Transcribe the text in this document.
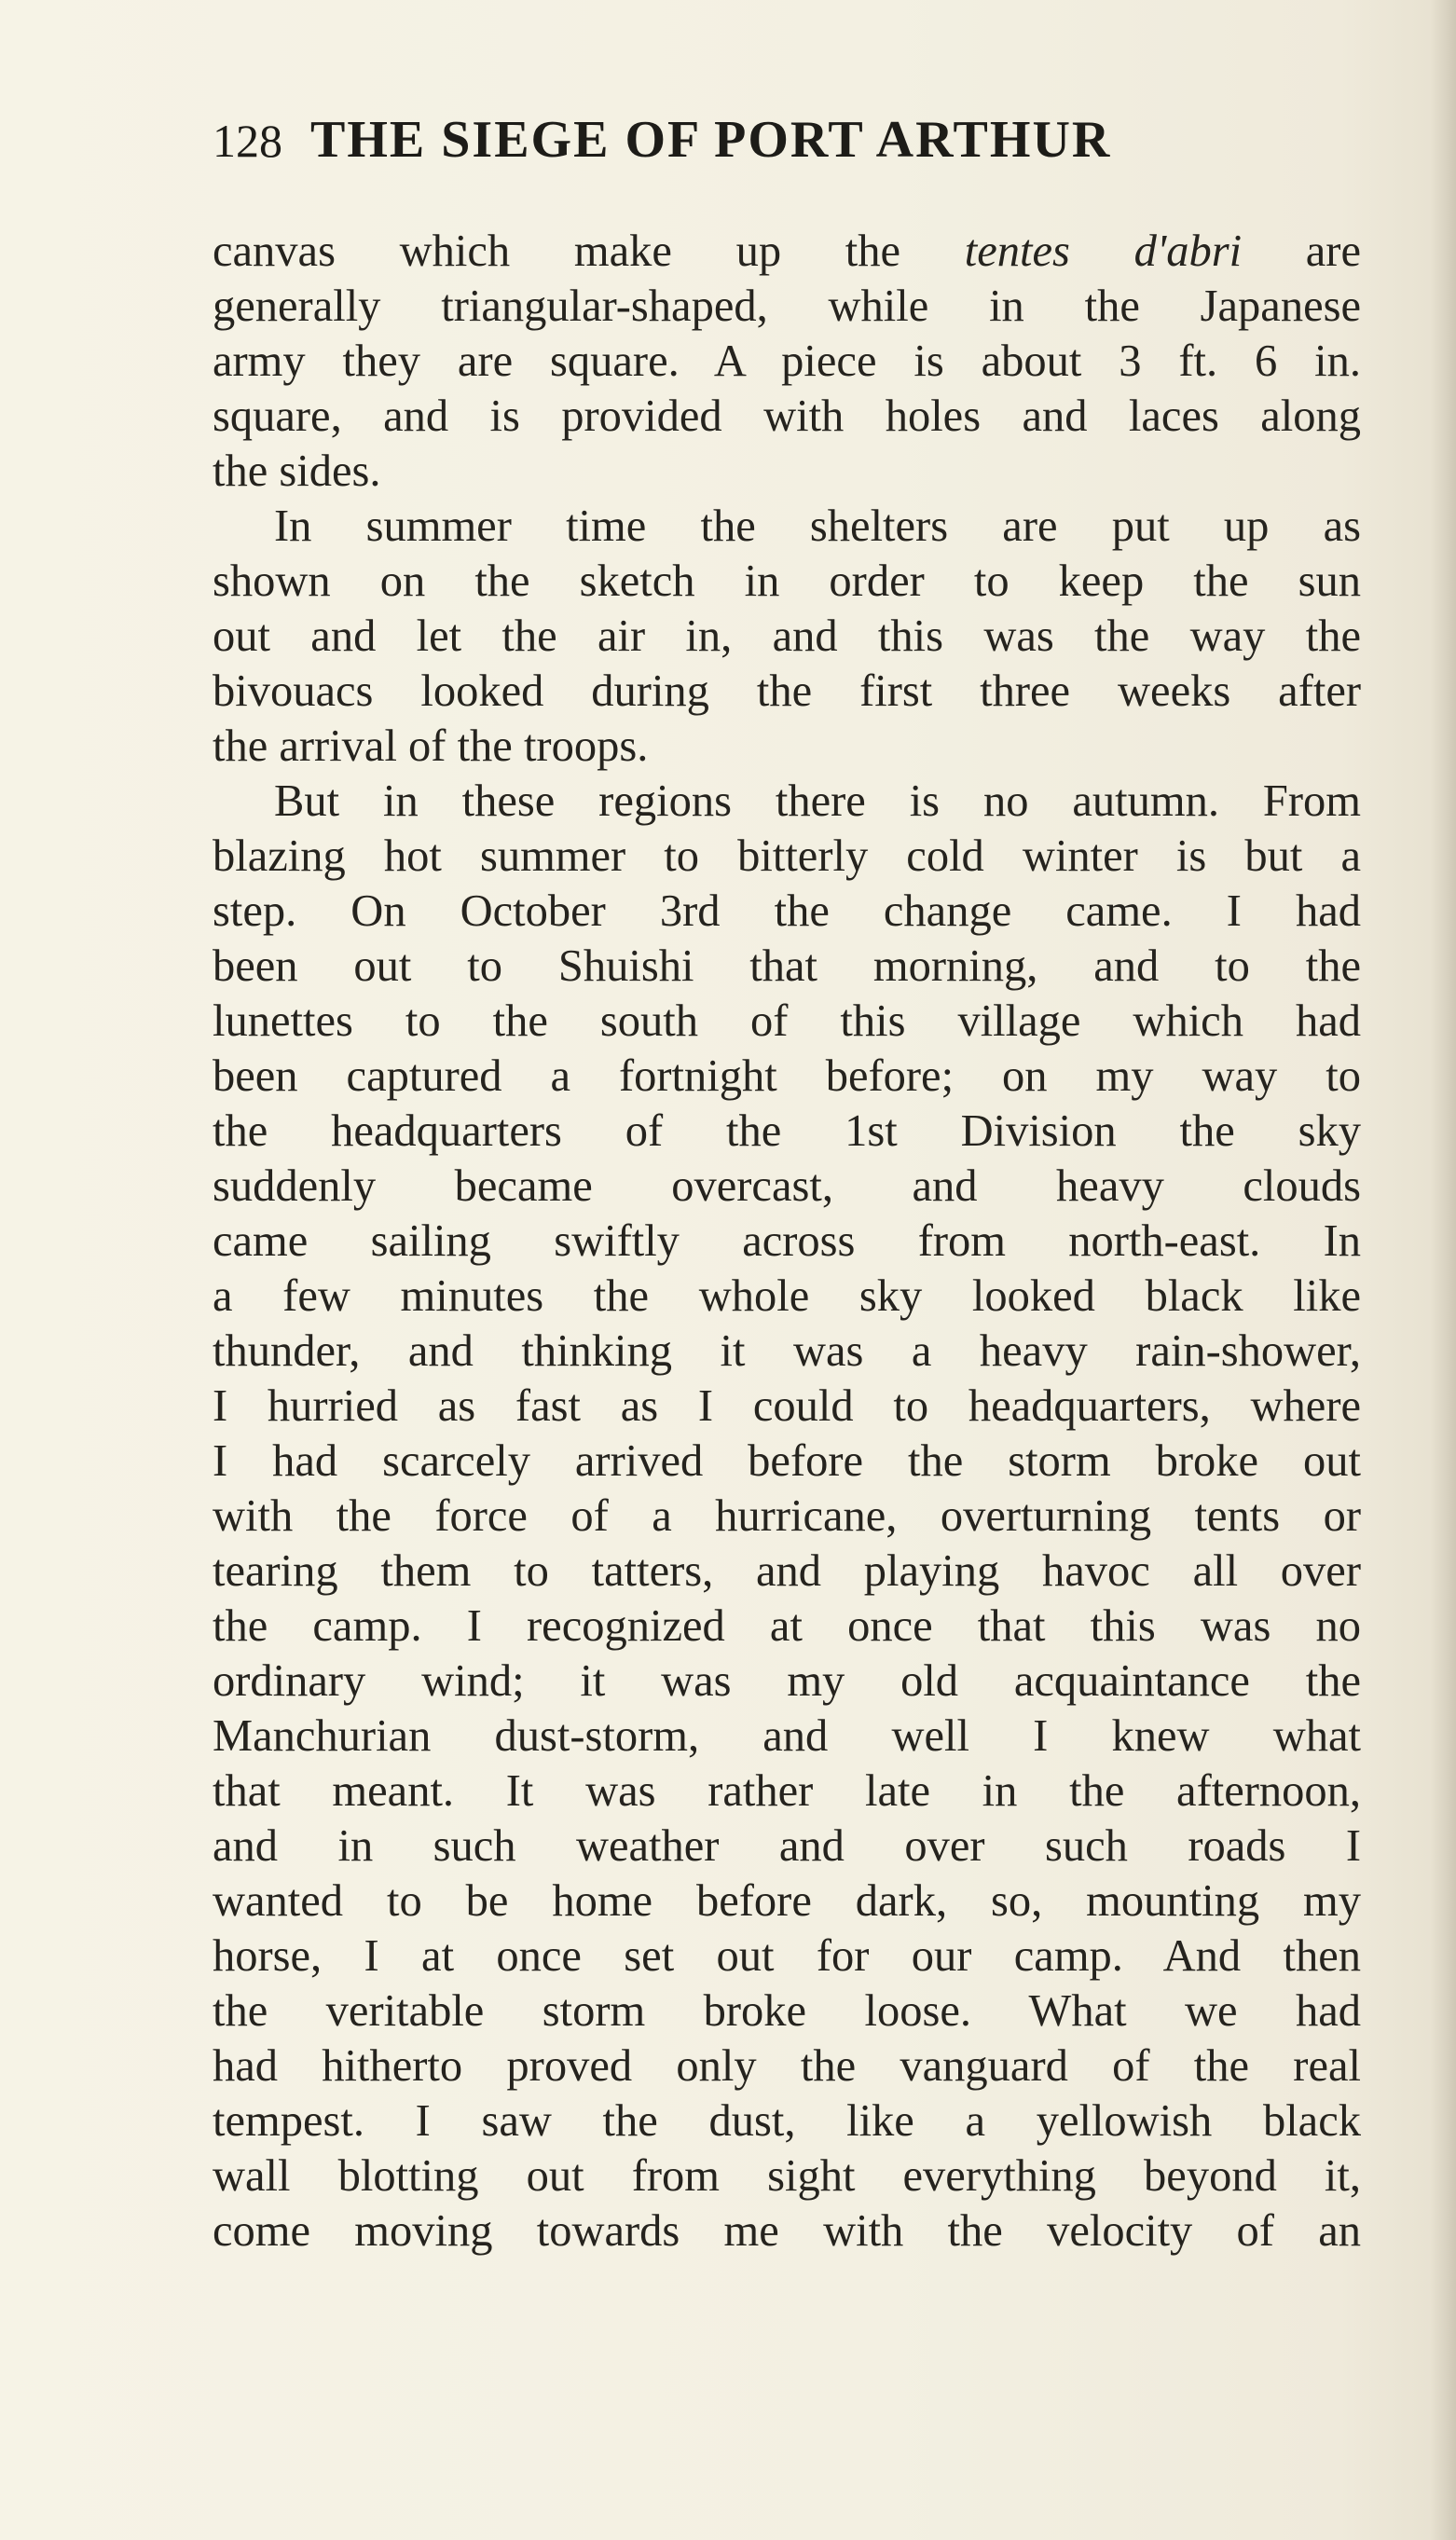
128 THE SIEGE OF PORT ARTHUR
canvas which make up the tentes d'abri are
generally triangular-shaped, while in the Japanese
army they are square. A piece is about 3 ft. 6 in.
square, and is provided with holes and laces along
the sides.
In summer time the shelters are put up as
shown on the sketch in order to keep the sun
out and let the air in, and this was the way the
bivouacs looked during the first three weeks after
the arrival of the troops.
But in these regions there is no autumn. From
blazing hot summer to bitterly cold winter is but a
step. On October 3rd the change came. I had
been out to Shuishi that morning, and to the
lunettes to the south of this village which had
been captured a fortnight before; on my way to
the headquarters of the 1st Division the sky
suddenly became overcast, and heavy clouds
came sailing swiftly across from north-east. In
a few minutes the whole sky looked black like
thunder, and thinking it was a heavy rain-shower,
I hurried as fast as I could to headquarters, where
I had scarcely arrived before the storm broke out
with the force of a hurricane, overturning tents or
tearing them to tatters, and playing havoc all over
the camp. I recognized at once that this was no
ordinary wind; it was my old acquaintance the
Manchurian dust-storm, and well I knew what
that meant. It was rather late in the afternoon,
and in such weather and over such roads I
wanted to be home before dark, so, mounting my
horse, I at once set out for our camp. And then
the veritable storm broke loose. What we had
had hitherto proved only the vanguard of the real
tempest. I saw the dust, like a yellowish black
wall blotting out from sight everything beyond it,
come moving towards me with the velocity of an
